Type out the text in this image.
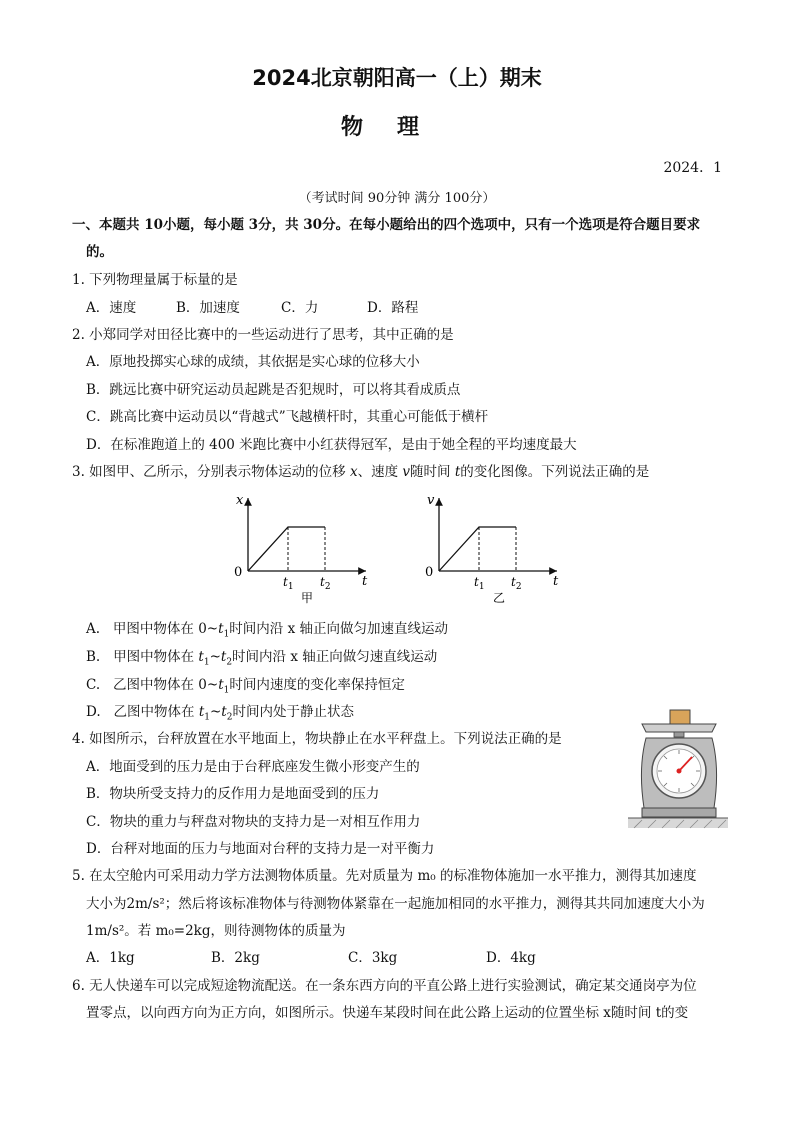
2024北京朝阳高一（上）期末
物理
2024．1
（考试时间 90分钟 满分 100分）
一、本题共 10小题，每小题 3分，共 30分。在每小题给出的四个选项中，只有一个选项是符合题目要求
的。
1. 下列物理量属于标量的是
A．速度	B．加速度	C．力	D．路程
2. 小郑同学对田径比赛中的一些运动进行了思考，其中正确的是
A．原地投掷实心球的成绩，其依据是实心球的位移大小
B．跳远比赛中研究运动员起跳是否犯规时，可以将其看成质点
C．跳高比赛中运动员以“背越式”飞越横杆时，其重心可能低于横杆
D．在标准跑道上的 400 米跑比赛中小红获得冠军，是由于她全程的平均速度最大
3. 如图甲、乙所示，分别表示物体运动的位移 x、速度 v随时间 t的变化图像。下列说法正确的是
x
0
t
$t_1$ $t_2$
甲
v
0
t
$t_1$ $t_2$
乙
A. 甲图中物体在 $0\sim t_1$时间内沿 x 轴正向做匀加速直线运动
B. 甲图中物体在 $t_1\sim t_2$时间内沿 x 轴正向做匀速直线运动
C. 乙图中物体在 $0\sim t_1$时间内速度的变化率保持恒定
D. 乙图中物体在 $t_1\sim t_2$时间内处于静止状态
4. 如图所示，台秤放置在水平地面上，物块静止在水平秤盘上。下列说法正确的是
A．地面受到的压力是由于台秤底座发生微小形变产生的
B．物块所受支持力的反作用力是地面受到的压力
C．物块的重力与秤盘对物块的支持力是一对相互作用力
D．台秤对地面的压力与地面对台秤的支持力是一对平衡力
5. 在太空舱内可采用动力学方法测物体质量。先对质量为 m₀ 的标准物体施加一水平推力，测得其加速度
大小为2m/s²；然后将该标准物体与待测物体紧靠在一起施加相同的水平推力，测得其共同加速度大小为
1m/s²。若 m₀=2kg，则待测物体的质量为
A．1kg	B．2kg	C．3kg	D．4kg
6. 无人快递车可以完成短途物流配送。在一条东西方向的平直公路上进行实验测试，确定某交通岗亭为位
置零点，以向西方向为正方向，如图所示。快递车某段时间在此公路上运动的位置坐标 x随时间 t的变
